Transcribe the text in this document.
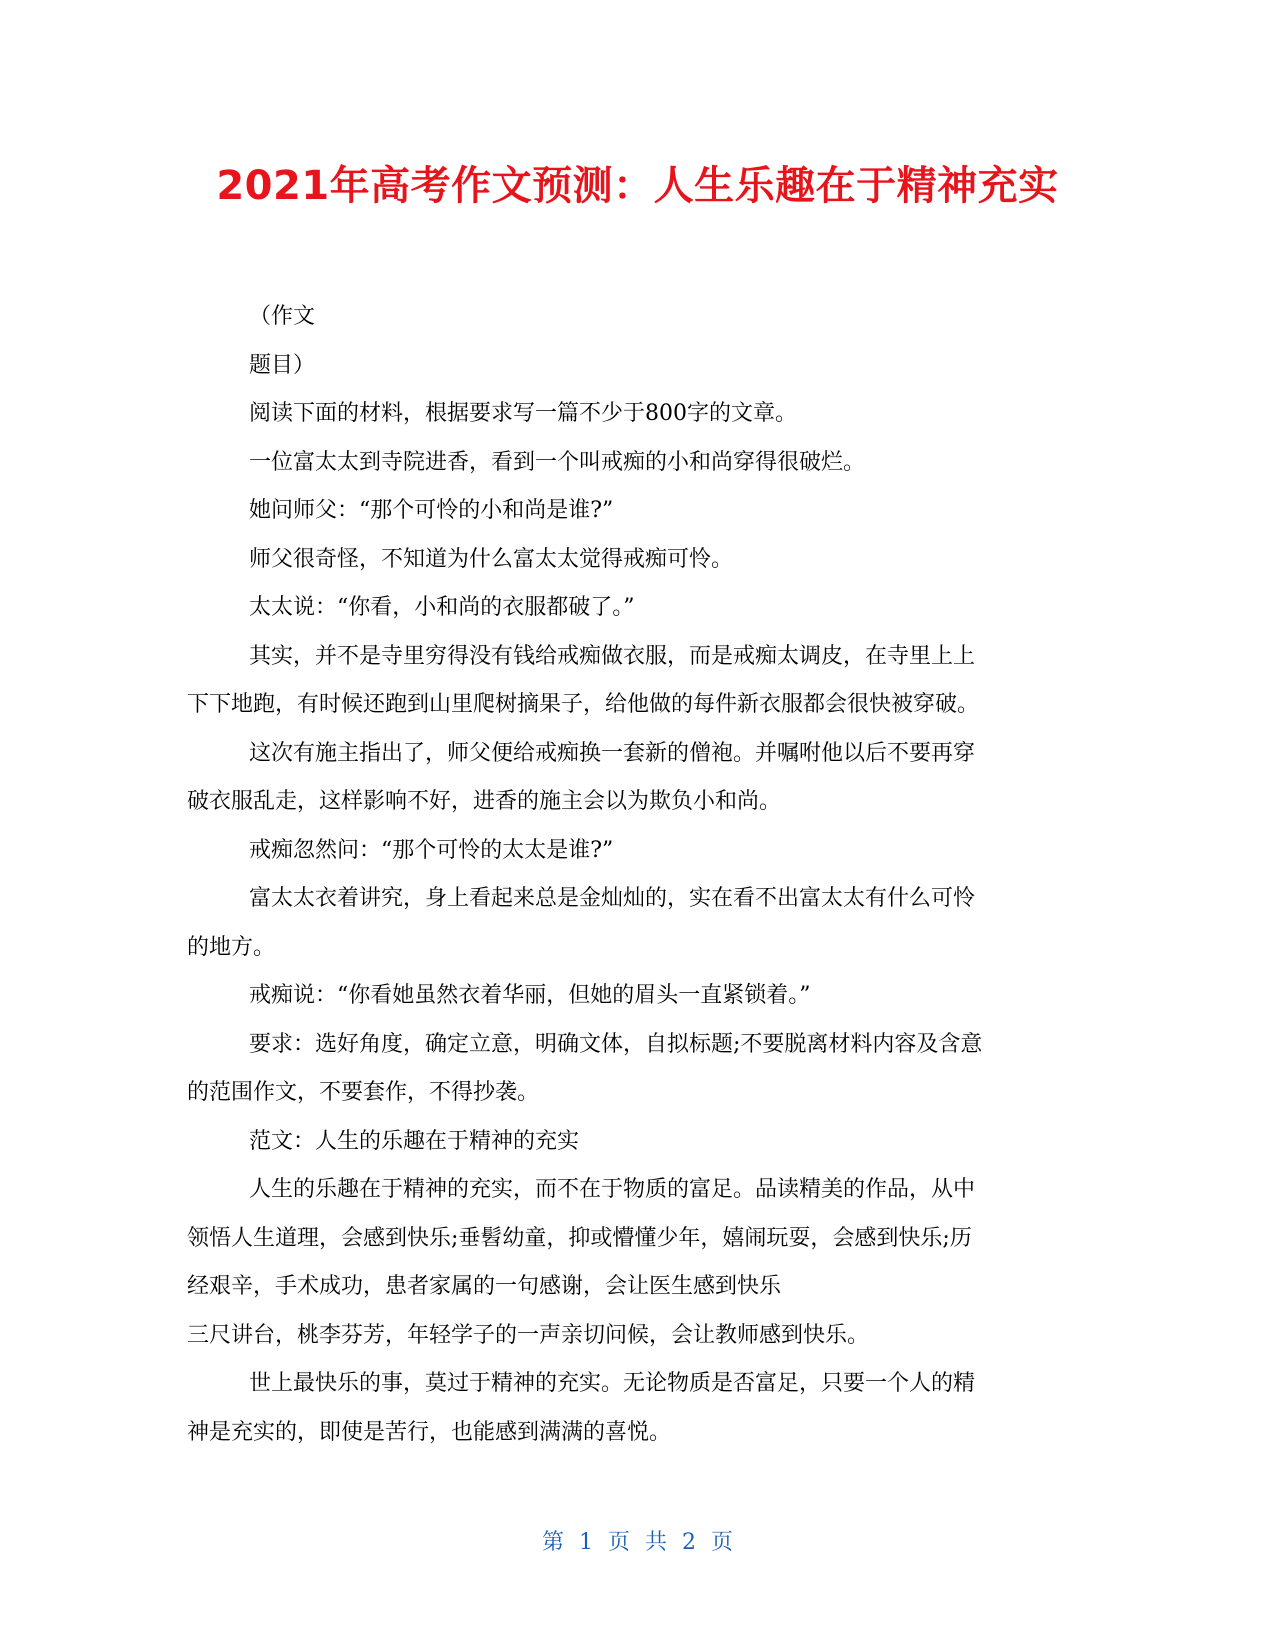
2021年高考作文预测：人生乐趣在于精神充实
（作文
题目）
阅读下面的材料，根据要求写一篇不少于800字的文章。
一位富太太到寺院进香，看到一个叫戒痴的小和尚穿得很破烂。
她问师父：“那个可怜的小和尚是谁?”
师父很奇怪，不知道为什么富太太觉得戒痴可怜。
太太说：“你看，小和尚的衣服都破了。”
其实，并不是寺里穷得没有钱给戒痴做衣服，而是戒痴太调皮，在寺里上上
下下地跑，有时候还跑到山里爬树摘果子，给他做的每件新衣服都会很快被穿破。
这次有施主指出了，师父便给戒痴换一套新的僧袍。并嘱咐他以后不要再穿
破衣服乱走，这样影响不好，进香的施主会以为欺负小和尚。
戒痴忽然问：“那个可怜的太太是谁?”
富太太衣着讲究，身上看起来总是金灿灿的，实在看不出富太太有什么可怜
的地方。
戒痴说：“你看她虽然衣着华丽，但她的眉头一直紧锁着。”
要求：选好角度，确定立意，明确文体，自拟标题;不要脱离材料内容及含意
的范围作文，不要套作，不得抄袭。
范文：人生的乐趣在于精神的充实
人生的乐趣在于精神的充实，而不在于物质的富足。品读精美的作品，从中
领悟人生道理，会感到快乐;垂髫幼童，抑或懵懂少年，嬉闹玩耍，会感到快乐;历
经艰辛，手术成功，患者家属的一句感谢，会让医生感到快乐
三尺讲台，桃李芬芳，年轻学子的一声亲切问候，会让教师感到快乐。
世上最快乐的事，莫过于精神的充实。无论物质是否富足，只要一个人的精
神是充实的，即使是苦行，也能感到满满的喜悦。
第 1 页 共 2 页
